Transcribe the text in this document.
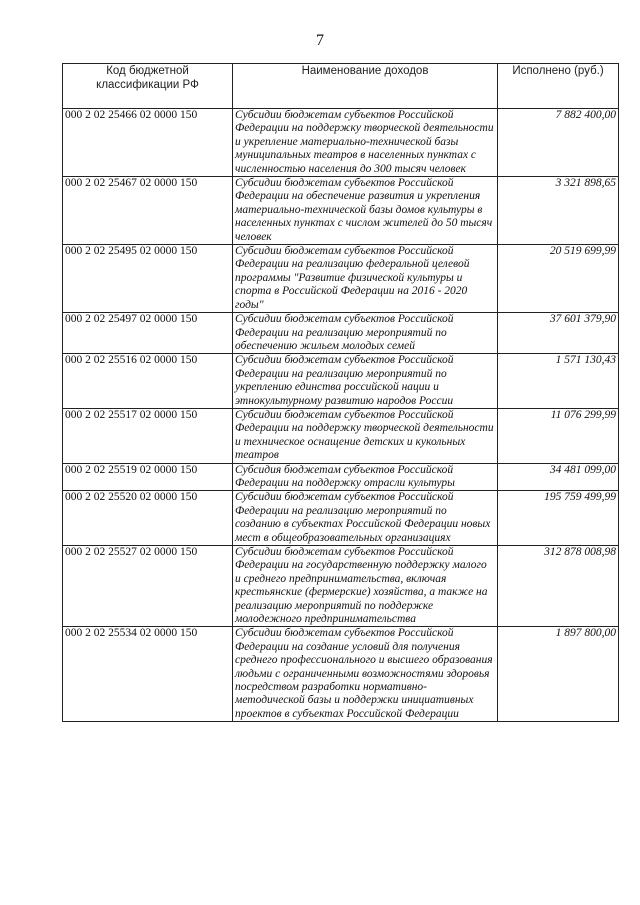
7
Код бюджетной классификации РФ	Наименование доходов	Исполнено (руб.)
000 2 02 25466 02 0000 150	Субсидии бюджетам субъектов Российской Федерации на поддержку творческой деятельности и укрепление материально-технической базы муниципальных театров в населенных пунктах с численностью населения до 300 тысяч человек	7 882 400,00
000 2 02 25467 02 0000 150	Субсидии бюджетам субъектов Российской Федерации на обеспечение развития и укрепления материально-технической базы домов культуры в населенных пунктах с числом жителей до 50 тысяч человек	3 321 898,65
000 2 02 25495 02 0000 150	Субсидии бюджетам субъектов Российской Федерации на реализацию федеральной целевой программы "Развитие физической культуры и спорта в Российской Федерации на 2016 - 2020 годы"	20 519 699,99
000 2 02 25497 02 0000 150	Субсидии бюджетам субъектов Российской Федерации на реализацию мероприятий по обеспечению жильем молодых семей	37 601 379,90
000 2 02 25516 02 0000 150	Субсидии бюджетам субъектов Российской Федерации на реализацию мероприятий по укреплению единства российской нации и этнокультурному развитию народов России	1 571 130,43
000 2 02 25517 02 0000 150	Субсидии бюджетам субъектов Российской Федерации на поддержку творческой деятельности и техническое оснащение детских и кукольных театров	11 076 299,99
000 2 02 25519 02 0000 150	Субсидия бюджетам субъектов Российской Федерации на поддержку отрасли культуры	34 481 099,00
000 2 02 25520 02 0000 150	Субсидии бюджетам субъектов Российской Федерации на реализацию мероприятий по созданию в субъектах Российской Федерации новых мест в общеобразовательных организациях	195 759 499,99
000 2 02 25527 02 0000 150	Субсидии бюджетам субъектов Российской Федерации на государственную поддержку малого и среднего предпринимательства, включая крестьянские (фермерские) хозяйства, а также на реализацию мероприятий по поддержке молодежного предпринимательства	312 878 008,98
000 2 02 25534 02 0000 150	Субсидии бюджетам субъектов Российской Федерации на создание условий для получения среднего профессионального и высшего образования людьми с ограниченными возможностями здоровья посредством разработки нормативно-методической базы и поддержки инициативных проектов в субъектах Российской Федерации	1 897 800,00
